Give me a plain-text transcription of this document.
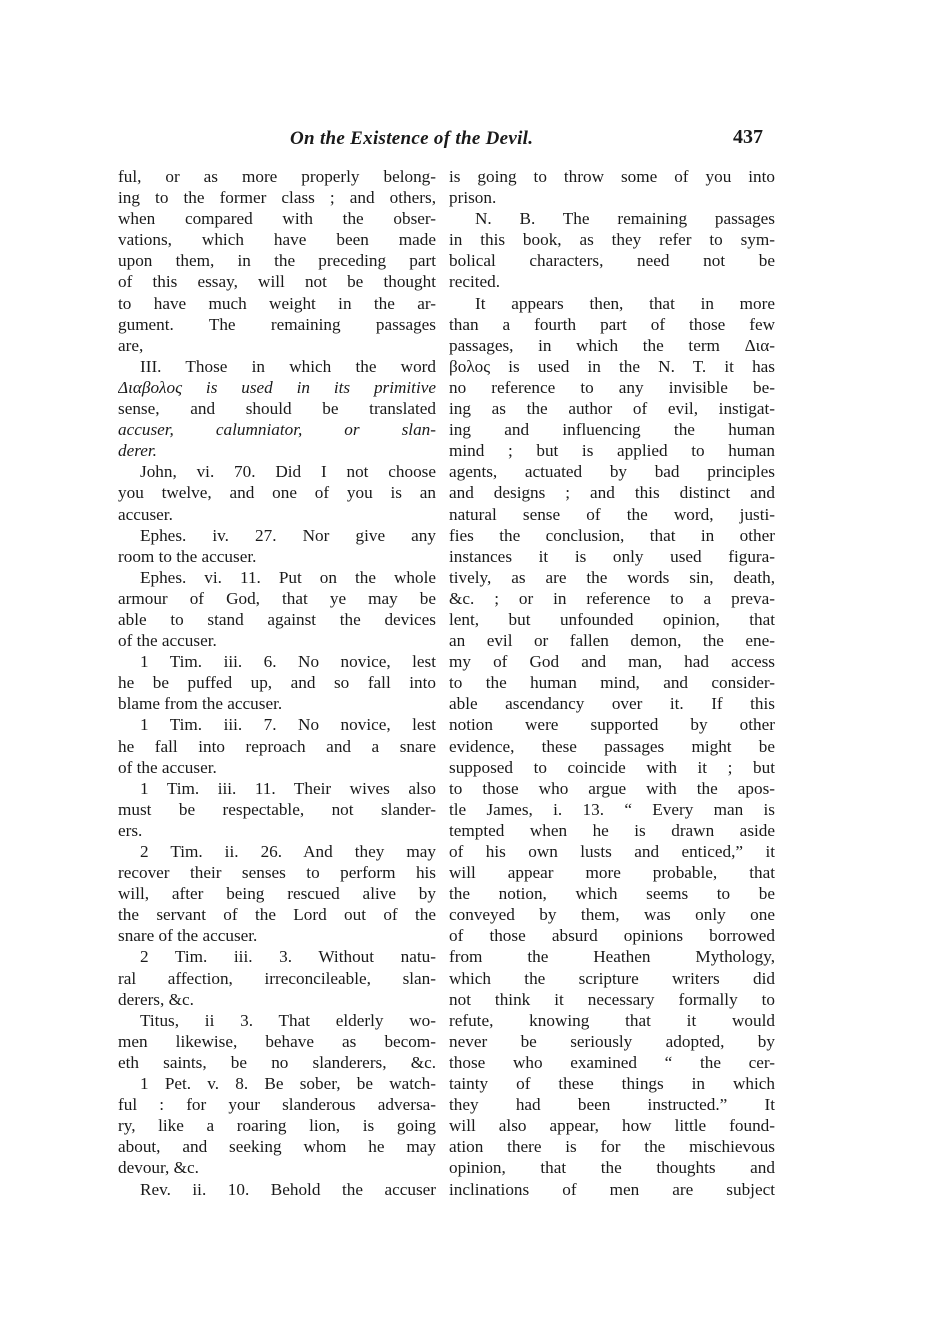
On the Existence of the Devil.	437
ful, or as more properly belong-
ing to the former class ; and others,
when compared with the obser-
vations, which have been made
upon them, in the preceding part
of this essay, will not be thought
to have much weight in the ar-
gument. The remaining passages
are,
III. Those in which the word
Διαβολος is used in its primitive
sense, and should be translated
accuser, calumniator, or slan-
derer.
John, vi. 70. Did I not choose
you twelve, and one of you is an
accuser.
Ephes. iv. 27. Nor give any
room to the accuser.
Ephes. vi. 11. Put on the whole
armour of God, that ye may be
able to stand against the devices
of the accuser.
1 Tim. iii. 6. No novice, lest
he be puffed up, and so fall into
blame from the accuser.
1 Tim. iii. 7. No novice, lest
he fall into reproach and a snare
of the accuser.
1 Tim. iii. 11. Their wives also
must be respectable, not slander-
ers.
2 Tim. ii. 26. And they may
recover their senses to perform his
will, after being rescued alive by
the servant of the Lord out of the
snare of the accuser.
2 Tim. iii. 3. Without natu-
ral affection, irreconcileable, slan-
derers, &c.
Titus, ii 3. That elderly wo-
men likewise, behave as becom-
eth saints, be no slanderers, &c.
1 Pet. v. 8. Be sober, be watch-
ful : for your slanderous adversa-
ry, like a roaring lion, is going
about, and seeking whom he may
devour, &c.
Rev. ii. 10. Behold the accuser
is going to throw some of you into
prison.
N. B. The remaining passages
in this book, as they refer to sym-
bolical characters, need not be
recited.
It appears then, that in more
than a fourth part of those few
passages, in which the term Δια-
βολος is used in the N. T. it has
no reference to any invisible be-
ing as the author of evil, instigat-
ing and influencing the human
mind ; but is applied to human
agents, actuated by bad principles
and designs ; and this distinct and
natural sense of the word, justi-
fies the conclusion, that in other
instances it is only used figura-
tively, as are the words sin, death,
&c. ; or in reference to a preva-
lent, but unfounded opinion, that
an evil or fallen demon, the ene-
my of God and man, had access
to the human mind, and consider-
able ascendancy over it. If this
notion were supported by other
evidence, these passages might be
supposed to coincide with it ; but
to those who argue with the apos-
tle James, i. 13. “ Every man is
tempted when he is drawn aside
of his own lusts and enticed,” it
will appear more probable, that
the notion, which seems to be
conveyed by them, was only one
of those absurd opinions borrowed
from the Heathen Mythology,
which the scripture writers did
not think it necessary formally to
refute, knowing that it would
never be seriously adopted, by
those who examined “ the cer-
tainty of these things in which
they had been instructed.” It
will also appear, how little found-
ation there is for the mischievous
opinion, that the thoughts and
inclinations of men are subject
